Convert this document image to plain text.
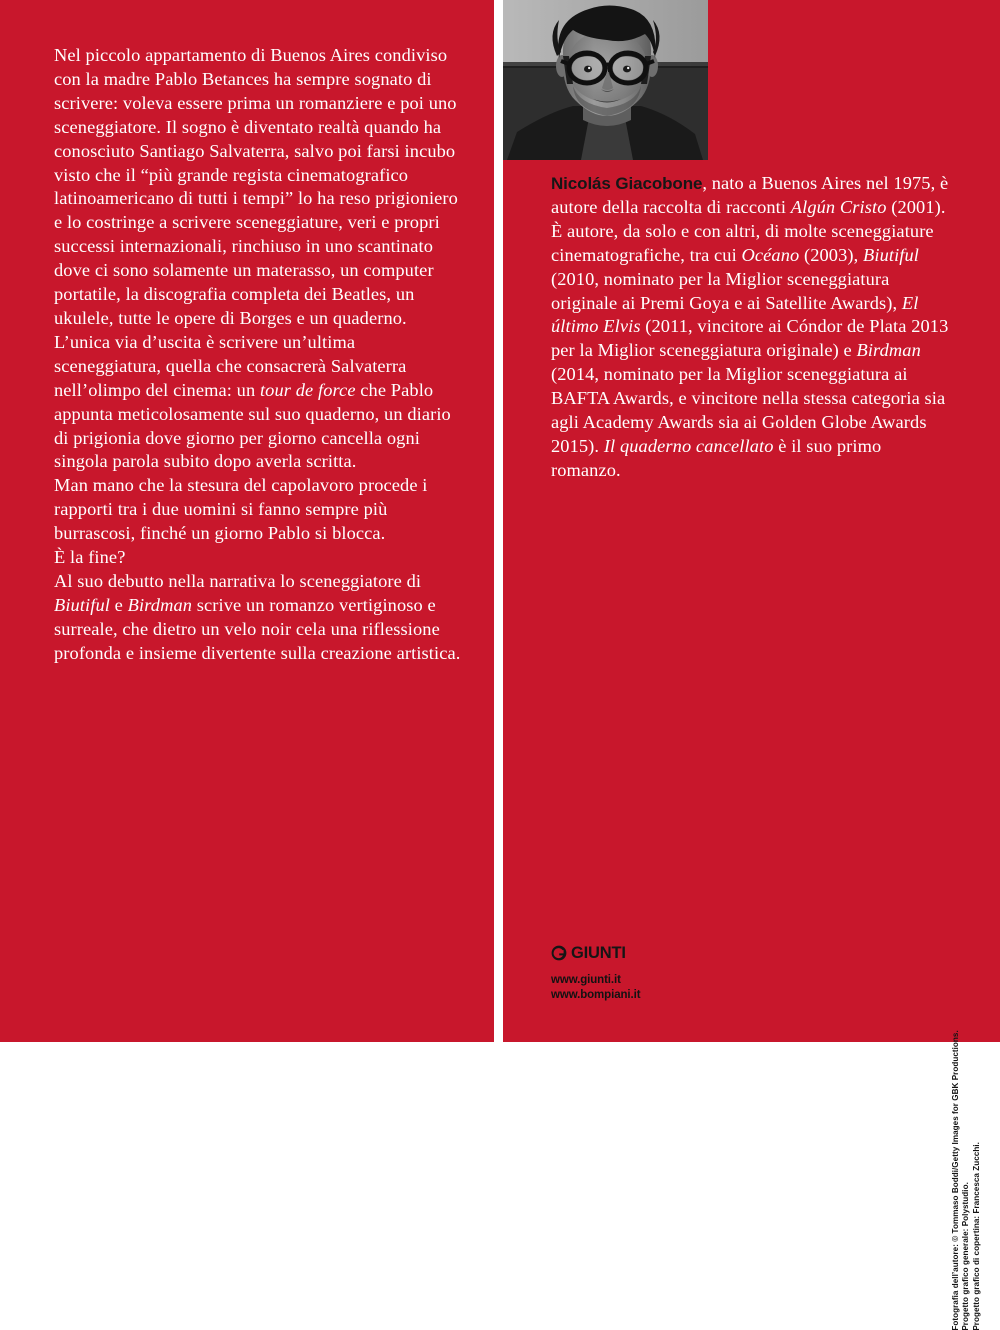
Nel piccolo appartamento di Buenos Aires condiviso con la madre Pablo Betances ha sempre sognato di scrivere: voleva essere prima un romanziere e poi uno sceneggiatore. Il sogno è diventato realtà quando ha conosciuto Santiago Salvaterra, salvo poi farsi incubo visto che il “più grande regista cinematografico latinoamericano di tutti i tempi” lo ha reso prigioniero e lo costringe a scrivere sceneggiature, veri e propri successi internazionali, rinchiuso in uno scantinato dove ci sono solamente un materasso, un computer portatile, la discografia completa dei Beatles, un ukulele, tutte le opere di Borges e un quaderno.

L’unica via d’uscita è scrivere un’ultima sceneggiatura, quella che consacrerà Salvaterra nell’olimpo del cinema: un tour de force che Pablo appunta meticolosamente sul suo quaderno, un diario di prigionia dove giorno per giorno cancella ogni singola parola subito dopo averla scritta.

Man mano che la stesura del capolavoro procede i rapporti tra i due uomini si fanno sempre più burrascosi, finché un giorno Pablo si blocca.

È la fine?

Al suo debutto nella narrativa lo sceneggiatore di Biutiful e Birdman scrive un romanzo vertiginoso e surreale, che dietro un velo noir cela una riflessione profonda e insieme divertente sulla creazione artistica.

Nicolás Giacobone, nato a Buenos Aires nel 1975, è autore della raccolta di racconti Algún Cristo (2001). È autore, da solo e con altri, di molte sceneggiature cinematografiche, tra cui Océano (2003), Biutiful (2010, nominato per la Miglior sceneggiatura originale ai Premi Goya e ai Satellite Awards), El último Elvis (2011, vincitore ai Cóndor de Plata 2013 per la Miglior sceneggiatura originale) e Birdman (2014, nominato per la Miglior sceneggiatura ai BAFTA Awards, e vincitore nella stessa categoria sia agli Academy Awards sia ai Golden Globe Awards 2015). Il quaderno cancellato è il suo primo romanzo.

GIUNTI
www.giunti.it
www.bompiani.it
Fotografia dell’autore: © Tommaso Boddi/Getty Images for GBK Productions. Progetto grafico generale: Polystudio. Progetto grafico di copertina: Francesca Zucchi.
